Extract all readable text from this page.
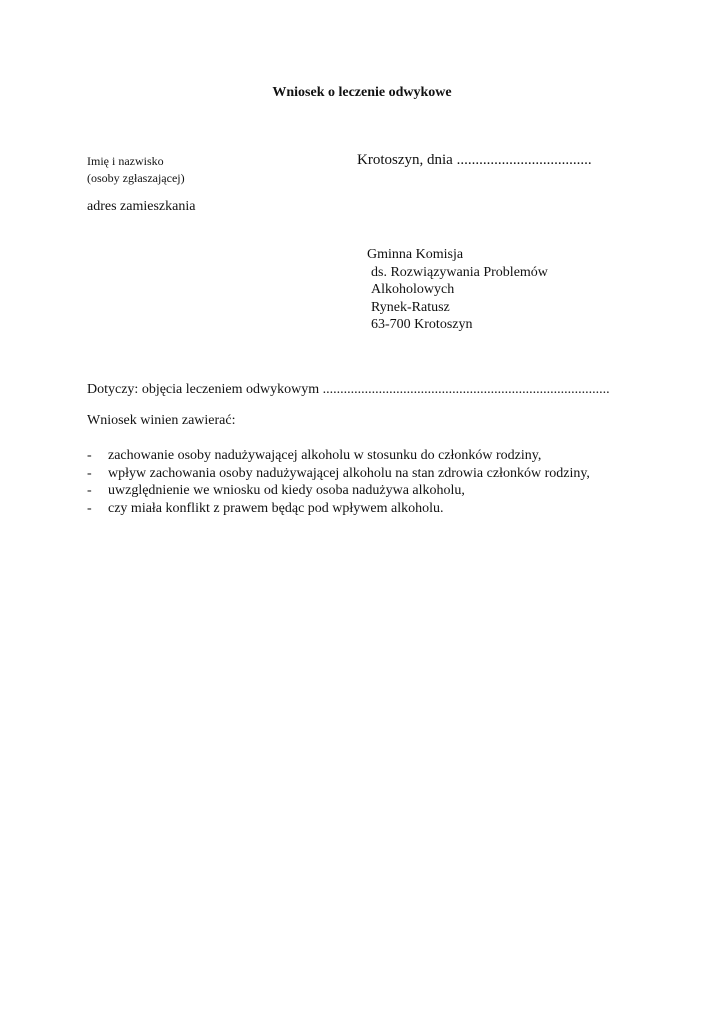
Wniosek o leczenie odwykowe
Imię i nazwisko
(osoby zgłaszającej)
Krotoszyn, dnia ....................................
adres zamieszkania
Gminna Komisja
ds. Rozwiązywania Problemów
Alkoholowych
Rynek-Ratusz
63-700 Krotoszyn
Dotyczy: objęcia leczeniem odwykowym ..................................................................................
Wniosek winien zawierać:
- zachowanie osoby nadużywającej alkoholu w stosunku do członków rodziny,
- wpływ zachowania osoby nadużywającej alkoholu na stan zdrowia członków rodziny,
- uwzględnienie we wniosku od kiedy osoba nadużywa alkoholu,
- czy miała konflikt z prawem będąc pod wpływem alkoholu.
